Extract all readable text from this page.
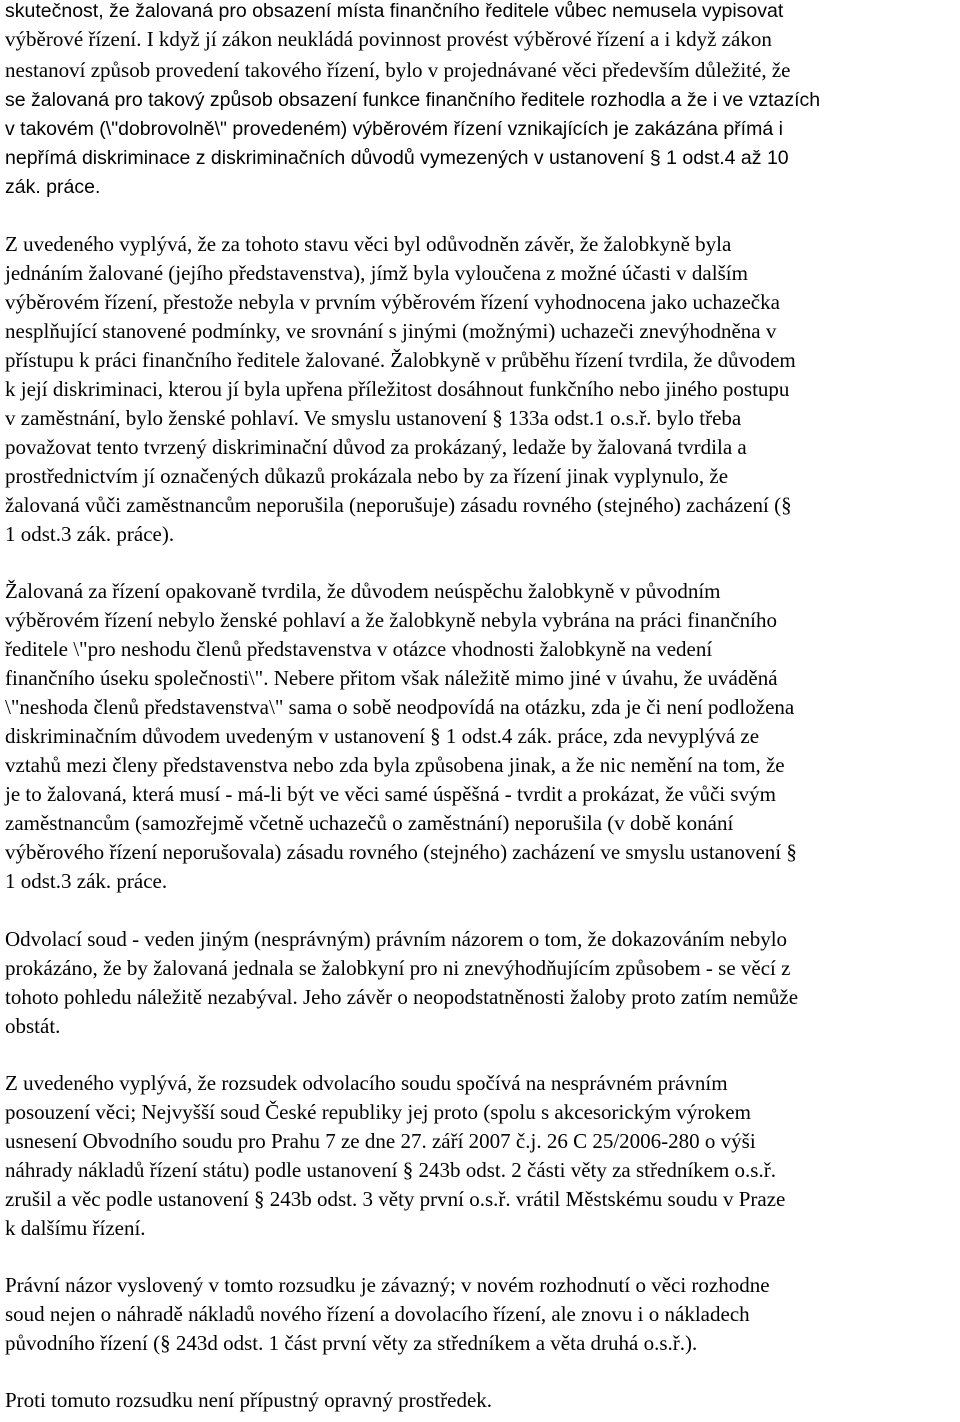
skutečnost, že žalovaná pro obsazení místa finančního ředitele vůbec nemusela vypisovat

výběrové řízení. I když jí zákon neukládá povinnost provést výběrové řízení a i když zákon

nestanoví způsob provedení takového řízení, bylo v projednávané věci především důležité, že

se žalovaná pro takový způsob obsazení funkce finančního ředitele rozhodla a že i ve vztazích

v takovém (\"dobrovolně\" provedeném) výběrovém řízení vznikajících je zakázána přímá i

nepřímá diskriminace z diskriminačních důvodů vymezených v ustanovení § 1 odst.4 až 10

zák. práce.

Z uvedeného vyplývá, že za tohoto stavu věci byl odůvodněn závěr, že žalobkyně byla

jednáním žalované (jejího představenstva), jímž byla vyloučena z možné účasti v dalším

výběrovém řízení, přestože nebyla v prvním výběrovém řízení vyhodnocena jako uchazečka

nesplňující stanovené podmínky, ve srovnání s jinými (možnými) uchazeči znevýhodněna v

přístupu k práci finančního ředitele žalované. Žalobkyně v průběhu řízení tvrdila, že důvodem

k její diskriminaci, kterou jí byla upřena příležitost dosáhnout funkčního nebo jiného postupu

v zaměstnání, bylo ženské pohlaví. Ve smyslu ustanovení § 133a odst.1 o.s.ř. bylo třeba

považovat tento tvrzený diskriminační důvod za prokázaný, ledaže by žalovaná tvrdila a

prostřednictvím jí označených důkazů prokázala nebo by za řízení jinak vyplynulo, že

žalovaná vůči zaměstnancům neporušila (neporušuje) zásadu rovného (stejného) zacházení (§

1 odst.3 zák. práce).

Žalovaná za řízení opakovaně tvrdila, že důvodem neúspěchu žalobkyně v původním

výběrovém řízení nebylo ženské pohlaví a že žalobkyně nebyla vybrána na práci finančního

ředitele \"pro neshodu členů představenstva v otázce vhodnosti žalobkyně na vedení

finančního úseku společnosti\". Nebere přitom však náležitě mimo jiné v úvahu, že uváděná

\"neshoda členů představenstva\" sama o sobě neodpovídá na otázku, zda je či není podložena

diskriminačním důvodem uvedeným v ustanovení § 1 odst.4 zák. práce, zda nevyplývá ze

vztahů mezi členy představenstva nebo zda byla způsobena jinak, a že nic nemění na tom, že

je to žalovaná, která musí - má-li být ve věci samé úspěšná - tvrdit a prokázat, že vůči svým

zaměstnancům (samozřejmě včetně uchazečů o zaměstnání) neporušila (v době konání

výběrového řízení neporušovala) zásadu rovného (stejného) zacházení ve smyslu ustanovení §

1 odst.3 zák. práce.

Odvolací soud - veden jiným (nesprávným) právním názorem o tom, že dokazováním nebylo

prokázáno, že by žalovaná jednala se žalobkyní pro ni znevýhodňujícím způsobem - se věcí z

tohoto pohledu náležitě nezabýval. Jeho závěr o neopodstatněnosti žaloby proto zatím nemůže

obstát.

Z uvedeného vyplývá, že rozsudek odvolacího soudu spočívá na nesprávném právním

posouzení věci; Nejvyšší soud České republiky jej proto (spolu s akcesorickým výrokem

usnesení Obvodního soudu pro Prahu 7 ze dne 27. září 2007 č.j. 26 C 25/2006-280 o výši

náhrady nákladů řízení státu) podle ustanovení § 243b odst. 2 části věty za středníkem o.s.ř.

zrušil a věc podle ustanovení § 243b odst. 3 věty první o.s.ř. vrátil Městskému soudu v Praze

k dalšímu řízení.

Právní názor vyslovený v tomto rozsudku je závazný; v novém rozhodnutí o věci rozhodne

soud nejen o náhradě nákladů nového řízení a dovolacího řízení, ale znovu i o nákladech

původního řízení (§ 243d odst. 1 část první věty za středníkem a věta druhá o.s.ř.).

Proti tomuto rozsudku není přípustný opravný prostředek.
